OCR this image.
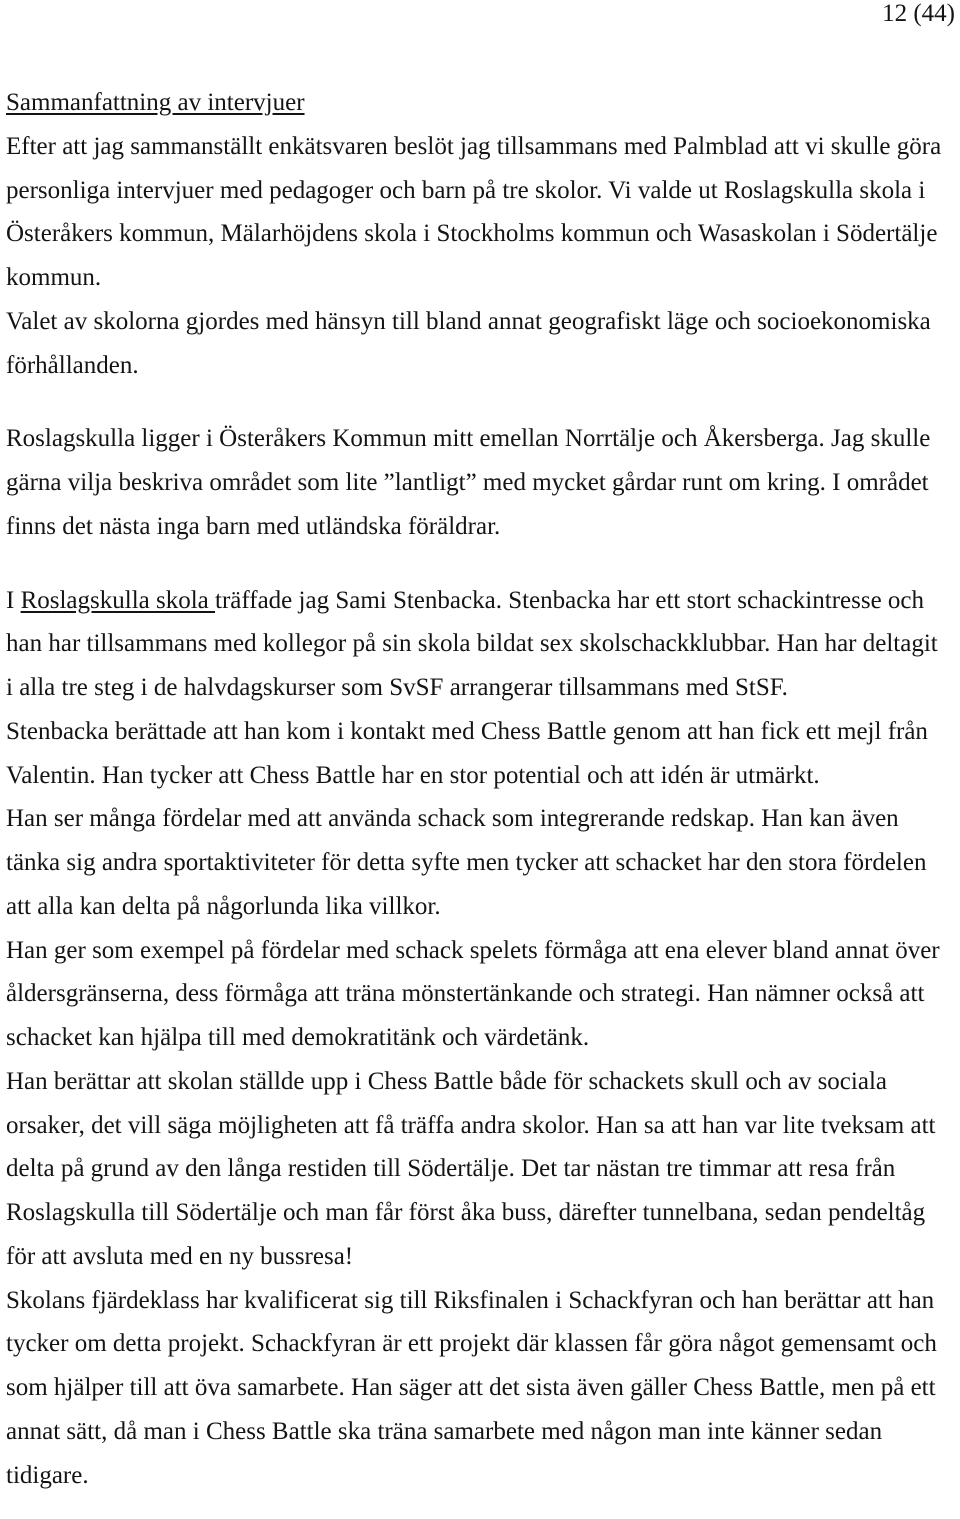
12 (44)
Sammanfattning av intervjuer
Efter att jag sammanställt enkätsvaren beslöt jag tillsammans med Palmblad att vi skulle göra
personliga intervjuer med pedagoger och barn på tre skolor. Vi valde ut Roslagskulla skola i
Österåkers kommun, Mälarhöjdens skola i Stockholms kommun och Wasaskolan i Södertälje
kommun.
Valet av skolorna gjordes med hänsyn till bland annat geografiskt läge och socioekonomiska
förhållanden.
Roslagskulla ligger i Österåkers Kommun mitt emellan Norrtälje och Åkersberga. Jag skulle
gärna vilja beskriva området som lite ”lantligt” med mycket gårdar runt om kring. I området
finns det nästa inga barn med utländska föräldrar.
I Roslagskulla skola träffade jag Sami Stenbacka. Stenbacka har ett stort schackintresse och
han har tillsammans med kollegor på sin skola bildat sex skolschackklubbar. Han har deltagit
i alla tre steg i de halvdagskurser som SvSF arrangerar tillsammans med StSF.
Stenbacka berättade att han kom i kontakt med Chess Battle genom att han fick ett mejl från
Valentin. Han tycker att Chess Battle har en stor potential och att idén är utmärkt.
Han ser många fördelar med att använda schack som integrerande redskap. Han kan även
tänka sig andra sportaktiviteter för detta syfte men tycker att schacket har den stora fördelen
att alla kan delta på någorlunda lika villkor.
Han ger som exempel på fördelar med schack spelets förmåga att ena elever bland annat över
åldersgränserna, dess förmåga att träna mönstertänkande och strategi. Han nämner också att
schacket kan hjälpa till med demokratitänk och värdetänk.
Han berättar att skolan ställde upp i Chess Battle både för schackets skull och av sociala
orsaker, det vill säga möjligheten att få träffa andra skolor. Han sa att han var lite tveksam att
delta på grund av den långa restiden till Södertälje. Det tar nästan tre timmar att resa från
Roslagskulla till Södertälje och man får först åka buss, därefter tunnelbana, sedan pendeltåg
för att avsluta med en ny bussresa!
Skolans fjärdeklass har kvalificerat sig till Riksfinalen i Schackfyran och han berättar att han
tycker om detta projekt. Schackfyran är ett projekt där klassen får göra något gemensamt och
som hjälper till att öva samarbete. Han säger att det sista även gäller Chess Battle, men på ett
annat sätt, då man i Chess Battle ska träna samarbete med någon man inte känner sedan
tidigare.
